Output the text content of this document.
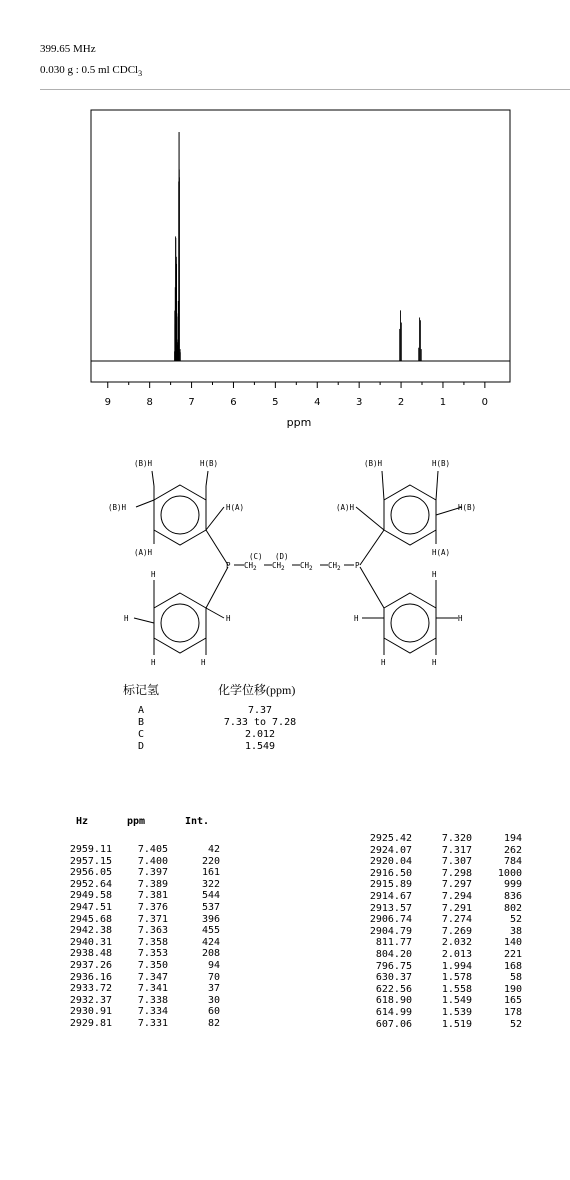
399.65 MHz
0.030 g : 0.5 ml CDCl$_3$
9	8	7	6	5	4	3	2	1	0
ppm
(B)H	H(B)
(B)H	H(A)
(A)H
H
H	H
H	H
(B)H	H(B)
(A)H	H(B)
H(A)
H
H	H
H	H
P	P
(C) (D)
$CH_2$ $CH_2$ $CH_2$ $CH_2$
标记氢	化学位移(ppm)
A	7.37
B	7.33 to 7.28
C	2.012
D	1.549
Hz	ppm	Int.
2959.11	7.405	42
2957.15	7.400	220
2956.05	7.397	161
2952.64	7.389	322
2949.58	7.381	544
2947.51	7.376	537
2945.68	7.371	396
2942.38	7.363	455
2940.31	7.358	424
2938.48	7.353	208
2937.26	7.350	94
2936.16	7.347	70
2933.72	7.341	37
2932.37	7.338	30
2930.91	7.334	60
2929.81	7.331	82
2925.42	7.320	194
2924.07	7.317	262
2920.04	7.307	784
2916.50	7.298	1000
2915.89	7.297	999
2914.67	7.294	836
2913.57	7.291	802
2906.74	7.274	52
2904.79	7.269	38
811.77	2.032	140
804.20	2.013	221
796.75	1.994	168
630.37	1.578	58
622.56	1.558	190
618.90	1.549	165
614.99	1.539	178
607.06	1.519	52
